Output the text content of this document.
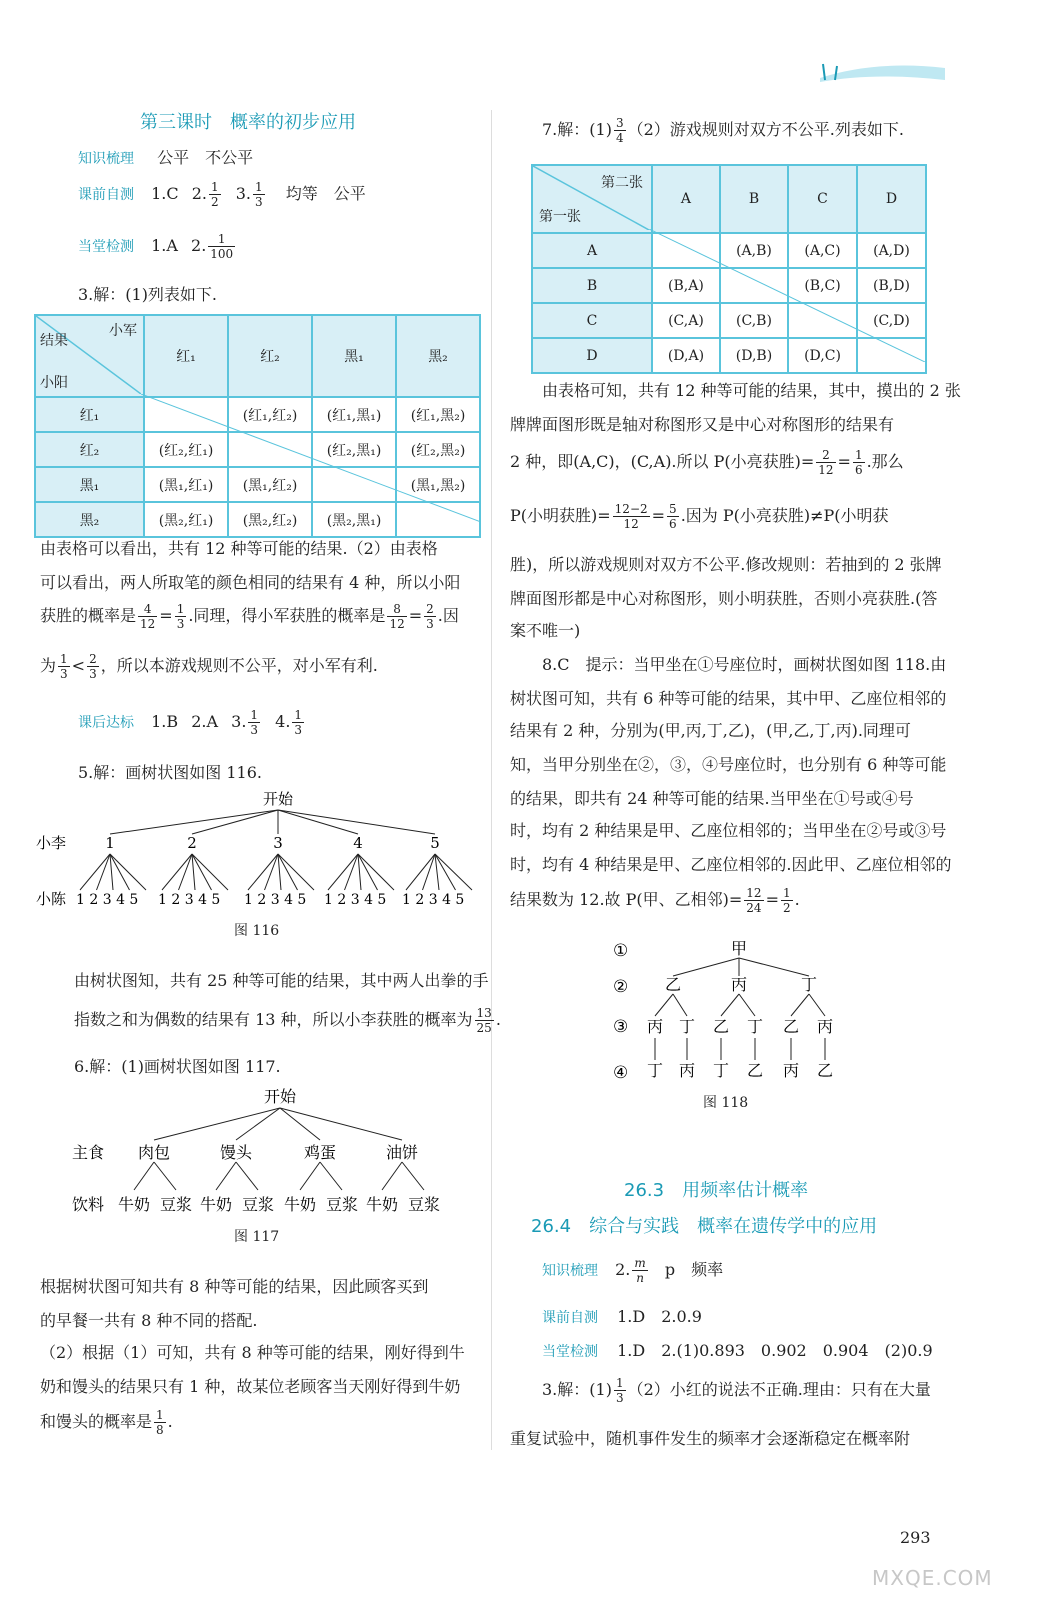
第三课时　概率的初步应用
知识梳理 公平　不公平
课前自测 1.C 2. $\frac{1}{2} 3$. $\frac{1}{3}$ 均等　公平
当堂检测 1.A 2. $\frac{1}{100}$
3.解：(1)列表如下.
小军
结果
小阳	红₁	红₂	黑₁	黑₂
红₁		(红₁,红₂)	(红₁,黑₁)	(红₁,黑₂)
红₂	(红₂,红₁)		(红₂,黑₁)	(红₂,黑₂)
黑₁	(黑₁,红₁)	(黑₁,红₂)		(黑₁,黑₂)
黑₂	(黑₂,红₁)	(黑₂,红₂)	(黑₂,黑₁)	
由表格可以看出，共有 12 种等可能的结果.（2）由表格
可以看出，两人所取笔的颜色相同的结果有 4 种，所以小阳
获胜的概率是 $\frac{4}{12} = \frac{1}{3}$ .同理，得小军获胜的概率是 $\frac{8}{12} = \frac{2}{3}$ .因
为 $\frac{1}{3} < \frac{2}{3}$ ，所以本游戏规则不公平，对小军有利.
课后达标 1.B 2.A 3. $\frac{1}{3} 4$. $\frac{1}{3}$
5.解：画树状图如图 116.
开始
小李	1	2	3	4	5
小陈 1 2 3 4 5 1 2 3 4 5 1 2 3 4 5 1 2 3 4 5 1 2 3 4 5
图 116
由树状图知，共有 25 种等可能的结果，其中两人出拳的手
指数之和为偶数的结果有 13 种，所以小李获胜的概率为 $\frac{13}{25}$ .
6.解：(1)画树状图如图 117.
开始
主食 肉包	馒头	鸡蛋	油饼
饮料 牛奶 豆浆 牛奶 豆浆 牛奶 豆浆 牛奶 豆浆
图 117
根据树状图可知共有 8 种等可能的结果，因此顾客买到
的早餐一共有 8 种不同的搭配.
（2）根据（1）可知，共有 8 种等可能的结果，刚好得到牛
奶和馒头的结果只有 1 种，故某位老顾客当天刚好得到牛奶
和馒头的概率是 $\frac{1}{8}$ .
7.解：$(1) \frac{3}{4} (2)$游戏规则对双方不公平.列表如下.
第二张
第一张	A	B	C	D
A		(A,B)	(A,C)	(A,D)
B	(B,A)		(B,C)	(B,D)
C	(C,A)	(C,B)		(C,D)
D	(D,A)	(D,B)	(D,C)	
由表格可知，共有 12 种等可能的结果，其中，摸出的 2 张
牌牌面图形既是轴对称图形又是中心对称图形的结果有
2 种，即(A,C)，(C,A).所以 P(小亮获胜)= $\frac{2}{12} = \frac{1}{6}$ .那么
P(小明获胜)= $\frac{12-2}{12} = \frac{5}{6}$ .因为 P(小亮获胜)≠P(小明获
胜)，所以游戏规则对双方不公平.修改规则：若抽到的 2 张牌
牌面图形都是中心对称图形，则小明获胜，否则小亮获胜.(答
案不唯一)
8.C　提示：当甲坐在①号座位时，画树状图如图 118.由
树状图可知，共有 6 种等可能的结果，其中甲、乙座位相邻的
结果有 2 种，分别为(甲,丙,丁,乙)，(甲,乙,丁,丙).同理可
知，当甲分别坐在②，③，④号座位时，也分别有 6 种等可能
的结果，即共有 24 种等可能的结果.当甲坐在①号或④号
时，均有 2 种结果是甲、乙座位相邻的；当甲坐在②号或③号
时，均有 4 种结果是甲、乙座位相邻的.因此甲、乙座位相邻的
结果数为 12.故 P(甲、乙相邻)= $\frac{12}{24} = \frac{1}{2}$ .
①
②
③
④
甲
乙	丙	丁
丙 丁 乙 丁 乙 丙
丁 丙 丁 乙 丙 乙
图 118
26.3　用频率估计概率
26.4　综合与实践　概率在遗传学中的应用
知识梳理 2. $\frac{m}{n}$ p　频率
课前自测 1.D　2.0.9
当堂检测 1.D　2.(1)0.893　0.902　0.904　(2)0.9
3.解：$(1) \frac{1}{3} (2)$小红的说法不正确.理由：只有在大量
重复试验中，随机事件发生的频率才会逐渐稳定在概率附
293
MXQE.COM
